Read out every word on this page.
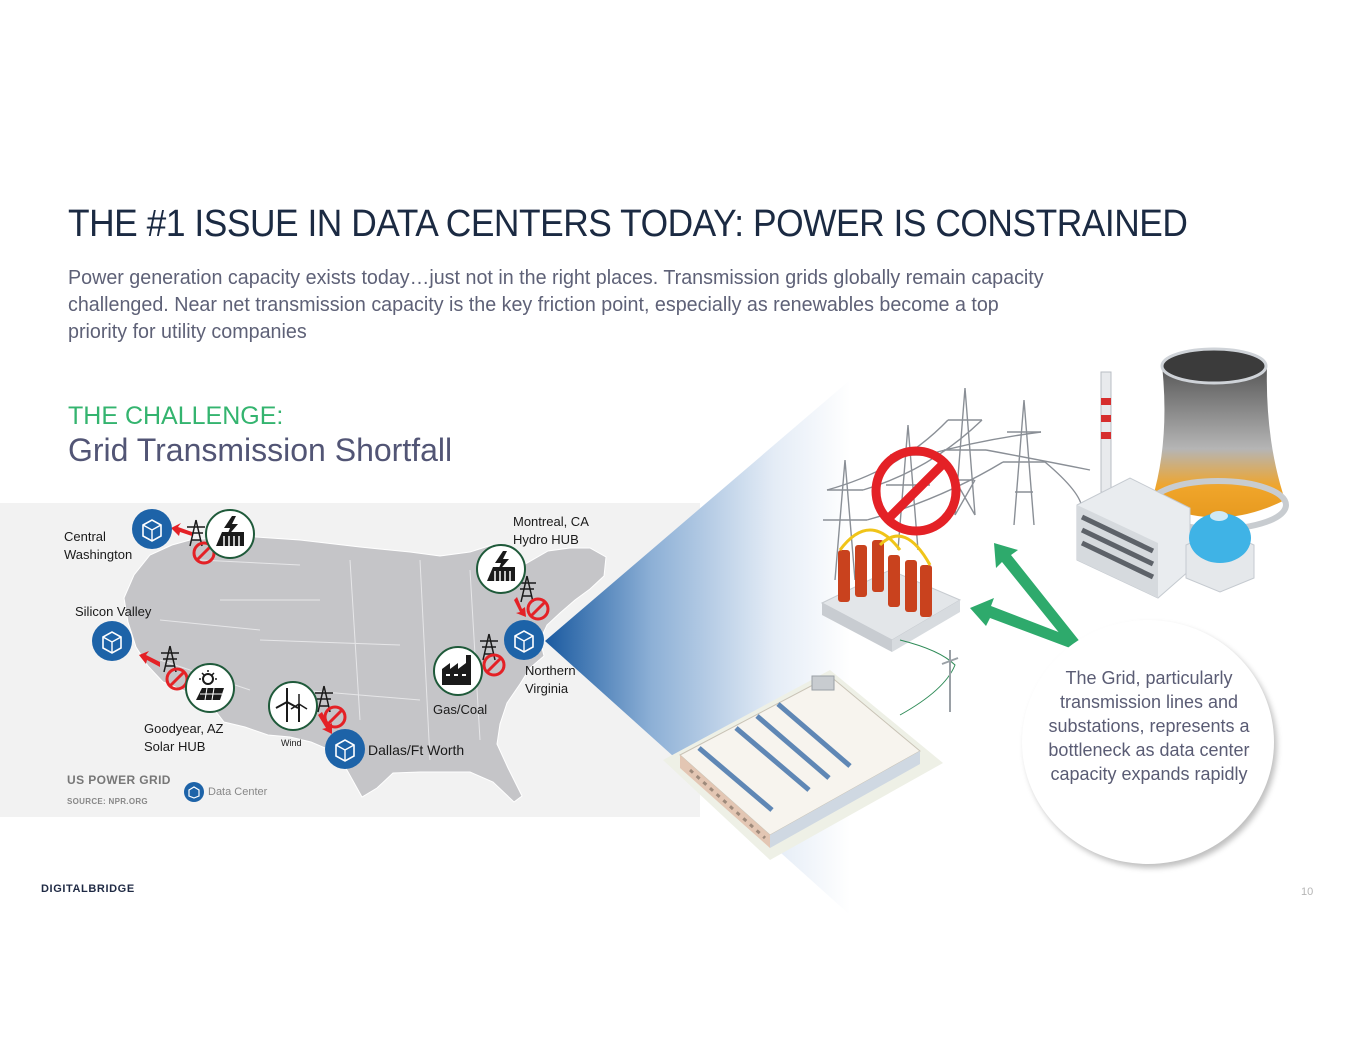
THE #1 ISSUE IN DATA CENTERS TODAY: POWER IS CONSTRAINED
Power generation capacity exists today…just not in the right places. Transmission grids globally remain capacity challenged. Near net transmission capacity is the key friction point, especially as renewables become a top priority for utility companies
THE CHALLENGE:
Grid Transmission Shortfall
Central
Washington
Silicon Valley
Montreal, CA
Hydro HUB
Northern
Virginia
Gas/Coal
Goodyear, AZ
Solar HUB	Wind	Dallas/Ft Worth
US POWER GRID
SOURCE: NPR.ORG
Data Center
The Grid, particularly transmission lines and substations, represents a bottleneck as data center capacity expands rapidly
DIGITALBRIDGE	10
